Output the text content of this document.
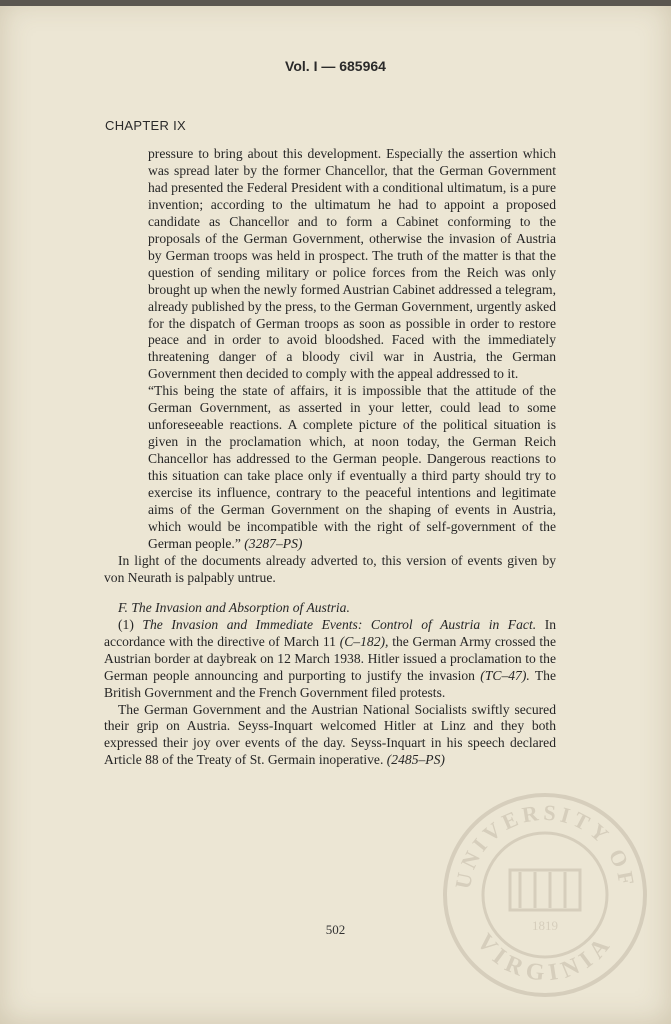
Vol. I — 685964
CHAPTER IX

pressure to bring about this development. Especially the assertion which was spread later by the former Chancellor, that the German Government had presented the Federal President with a conditional ultimatum, is a pure invention; according to the ultimatum he had to appoint a proposed candidate as Chancellor and to form a Cabinet conforming to the proposals of the German Government, otherwise the invasion of Austria by German troops was held in prospect. The truth of the matter is that the question of sending military or police forces from the Reich was only brought up when the newly formed Austrian Cabinet addressed a telegram, already published by the press, to the German Government, urgently asked for the dispatch of German troops as soon as possible in order to restore peace and in order to avoid bloodshed. Faced with the immediately threatening danger of a bloody civil war in Austria, the German Government then decided to comply with the appeal addressed to it.

“This being the state of affairs, it is impossible that the attitude of the German Government, as asserted in your letter, could lead to some unforeseeable reactions. A complete picture of the political situation is given in the proclamation which, at noon today, the German Reich Chancellor has addressed to the German people. Dangerous reactions to this situation can take place only if eventually a third party should try to exercise its influence, contrary to the peaceful intentions and legitimate aims of the German Government on the shaping of events in Austria, which would be incompatible with the right of self-government of the German people.” (3287–PS)

In light of the documents already adverted to, this version of events given by von Neurath is palpably untrue.

F. The Invasion and Absorption of Austria.

(1) The Invasion and Immediate Events: Control of Austria in Fact. In accordance with the directive of March 11 (C–182), the German Army crossed the Austrian border at daybreak on 12 March 1938. Hitler issued a proclamation to the German people announcing and purporting to justify the invasion (TC–47). The British Government and the French Government filed protests.

The German Government and the Austrian National Socialists swiftly secured their grip on Austria. Seyss-Inquart welcomed Hitler at Linz and they both expressed their joy over events of the day. Seyss-Inquart in his speech declared Article 88 of the Treaty of St. Germain inoperative. (2485–PS)

502
UNIVERSITY OF
VIRGINIA
1819
